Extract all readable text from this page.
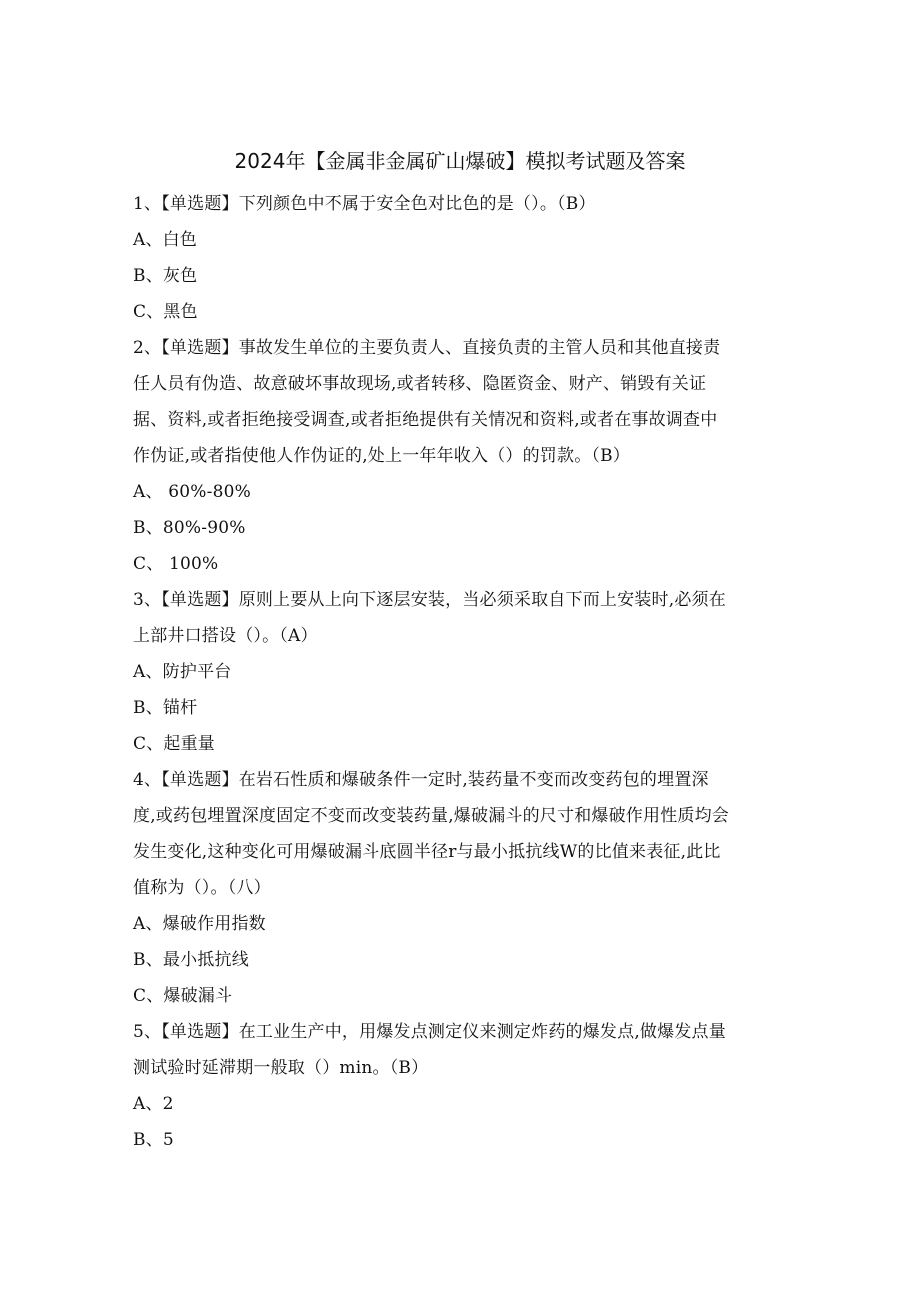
2024年【金属非金属矿山爆破】模拟考试题及答案
1、【单选题】下列颜色中不属于安全色对比色的是（）。（B）
A、白色
B、灰色
C、黑色
2、【单选题】事故发生单位的主要负责人、直接负责的主管人员和其他直接责
任人员有伪造、故意破坏事故现场,或者转移、隐匿资金、财产、销毁有关证
据、资料,或者拒绝接受调查,或者拒绝提供有关情况和资料,或者在事故调查中
作伪证,或者指使他人作伪证的,处上一年年收入（）的罚款。（B）
A、 60%-80%
B、80%-90%
C、 100%
3、【单选题】原则上要从上向下逐层安装，当必须采取自下而上安装时,必须在
上部井口搭设（）。（A）
A、防护平台
B、锚杆
C、起重量
4、【单选题】在岩石性质和爆破条件一定时,装药量不变而改变药包的埋置深
度,或药包埋置深度固定不变而改变装药量,爆破漏斗的尺寸和爆破作用性质均会
发生变化,这种变化可用爆破漏斗底圆半径r与最小抵抗线W的比值来表征,此比
值称为（）。（八）
A、爆破作用指数
B、最小抵抗线
C、爆破漏斗
5、【单选题】在工业生产中，用爆发点测定仪来测定炸药的爆发点,做爆发点量
测试验时延滞期一般取（）min。（B）
A、2
B、5
